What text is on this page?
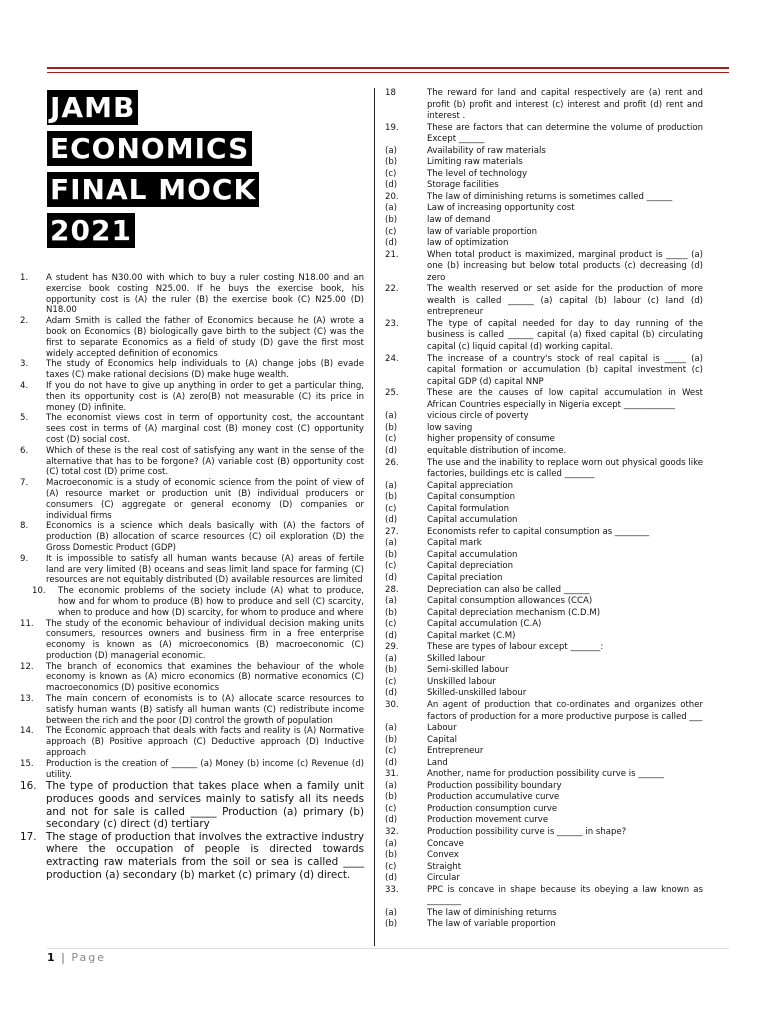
JAMB
ECONOMICS
FINAL MOCK
2021
1.	A student has N30.00 with which to buy a ruler costing N18.00 and an exercise book costing N25.00. If he buys the exercise book, his opportunity cost is (A) the ruler (B) the exercise book (C) N25.00 (D) N18.00
2.	Adam Smith is called the father of Economics because he (A) wrote a book on Economics (B) biologically gave birth to the subject (C) was the first to separate Economics as a field of study (D) gave the first most widely accepted definition of economics
3.	The study of Economics help individuals to (A) change jobs (B) evade taxes (C) make rational decisions (D) make huge wealth.
4.	If you do not have to give up anything in order to get a particular thing, then its opportunity cost is (A) zero(B) not measurable (C) its price in money (D) infinite.
5.	The economist views cost in term of opportunity cost, the accountant sees cost in terms of (A) marginal cost (B) money cost (C) opportunity cost (D) social cost.
6.	Which of these is the real cost of satisfying any want in the sense of the alternative that has to be forgone? (A) variable cost (B) opportunity cost (C) total cost (D) prime cost.
7.	Macroeconomic is a study of economic science from the point of view of (A) resource market or production unit (B) individual producers or consumers (C) aggregate or general economy (D) companies or individual firms
8.	Economics is a science which deals basically with (A) the factors of production (B) allocation of scarce resources (C) oil exploration (D) the Gross Domestic Product (GDP)
9.	It is impossible to satisfy all human wants because (A) areas of fertile land are very limited (B) oceans and seas limit land space for farming (C) resources are not equitably distributed (D) available resources are limited
10.	The economic problems of the society include (A) what to produce, how and for whom to produce (B) how to produce and sell (C) scarcity, when to produce and how (D) scarcity, for whom to produce and where
11.	The study of the economic behaviour of individual decision making units consumers, resources owners and business firm in a free enterprise economy is known as (A) microeconomics (B) macroeconomic (C) production (D) managerial economic.
12.	The branch of economics that examines the behaviour of the whole economy is known as (A) micro economics (B) normative economics (C) macroeconomics (D) positive economics
13.	The main concern of economists is to (A) allocate scarce resources to satisfy human wants (B) satisfy all human wants (C) redistribute income between the rich and the poor (D) control the growth of population
14.	The Economic approach that deals with facts and reality is (A) Normative approach (B) Positive approach (C) Deductive approach (D) Inductive approach
15.	Production is the creation of ______ (a) Money (b) income (c) Revenue (d) utility.
16. The type of production that takes place when a family unit produces goods and services mainly to satisfy all its needs and not for sale is called _____ Production (a) primary (b) secondary (c) direct (d) tertiary
17. The stage of production that involves the extractive industry where the occupation of people is directed towards extracting raw materials from the soil or sea is called ____ production (a) secondary (b) market (c) primary (d) direct.
18	The reward for land and capital respectively are (a) rent and profit (b) profit and interest (c) interest and profit (d) rent and interest .
19.	These are factors that can determine the volume of production Except ______
(a)	Availability of raw materials
(b)	Limiting raw materials
(c)	The level of technology
(d)	Storage facilities
20.	The law of diminishing returns is sometimes called ______
(a)	Law of increasing opportunity cost
(b)	law of demand
(c)	law of variable proportion
(d)	law of optimization
21.	When total product is maximized, marginal product is _____ (a) one (b) increasing but below total products (c) decreasing (d) zero
22.	The wealth reserved or set aside for the production of more wealth is called ______ (a) capital (b) labour (c) land (d) entrepreneur
23.	The type of capital needed for day to day running of the business is called ______ capital (a) fixed capital (b) circulating capital (c) liquid capital (d) working capital.
24.	The increase of a country's stock of real capital is _____ (a) capital formation or accumulation (b) capital investment (c) capital GDP (d) capital NNP
25.	These are the causes of low capital accumulation in West African Countries especially in Nigeria except ____________
(a)	vicious circle of poverty
(b)	low saving
(c)	higher propensity of consume
(d)	equitable distribution of income.
26.	The use and the inability to replace worn out physical goods like factories, buildings etc is called _______
(a)	Capital appreciation
(b)	Capital consumption
(c)	Capital formulation
(d)	Capital accumulation
27.	Economists refer to capital consumption as ________
(a)	Capital mark
(b)	Capital accumulation
(c)	Capital depreciation
(d)	Capital preciation
28.	Depreciation can also be called ______
(a)	Capital consumption allowances (CCA)
(b)	Capital depreciation mechanism (C.D.M)
(c)	Capital accumulation (C.A)
(d)	Capital market (C.M)
29.	These are types of labour except _______:
(a)	Skilled labour
(b)	Semi-skilled labour
(c)	Unskilled labour
(d)	Skilled-unskilled labour
30.	An agent of production that co-ordinates and organizes other factors of production for a more productive purpose is called ___
(a)	Labour
(b)	Capital
(c)	Entrepreneur
(d)	Land
31.	Another, name for production possibility curve is ______
(a)	Production possibility boundary
(b)	Production accumulative curve
(c)	Production consumption curve
(d)	Production movement curve
32.	Production possibility curve is ______ in shape?
(a)	Concave
(b)	Convex
(c)	Straight
(d)	Circular
33.	PPC is concave in shape because its obeying a law known as ________
(a)	The law of diminishing returns
(b)	The law of variable proportion
1 | Page
